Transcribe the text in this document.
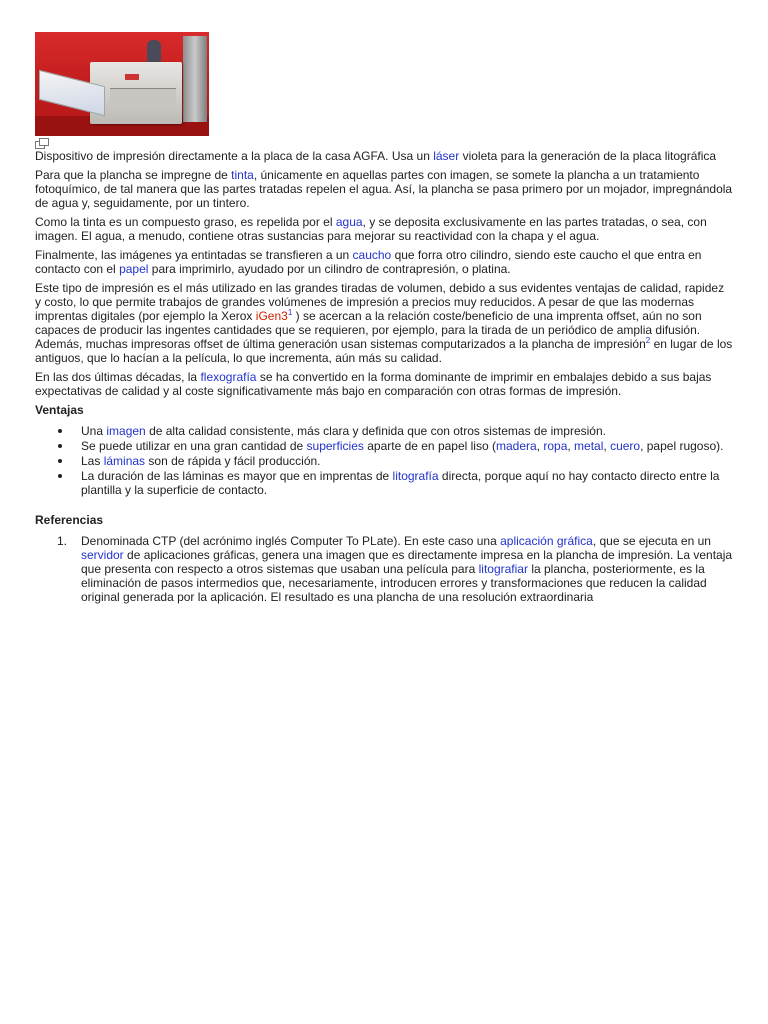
Dispositivo de impresión directamente a la placa de la casa AGFA. Usa un láser violeta para la generación de la placa litográfica

Para que la plancha se impregne de tinta, únicamente en aquellas partes con imagen, se somete la plancha a un tratamiento fotoquímico, de tal manera que las partes tratadas repelen el agua. Así, la plancha se pasa primero por un mojador, impregnándola de agua y, seguidamente, por un tintero.

Como la tinta es un compuesto graso, es repelida por el agua, y se deposita exclusivamente en las partes tratadas, o sea, con imagen. El agua, a menudo, contiene otras sustancias para mejorar su reactividad con la chapa y el agua.

Finalmente, las imágenes ya entintadas se transfieren a un caucho que forra otro cilindro, siendo este caucho el que entra en contacto con el papel para imprimirlo, ayudado por un cilindro de contrapresión, o platina.

Este tipo de impresión es el más utilizado en las grandes tiradas de volumen, debido a sus evidentes ventajas de calidad, rapidez y costo, lo que permite trabajos de grandes volúmenes de impresión a precios muy reducidos. A pesar de que las modernas imprentas digitales (por ejemplo la Xerox $iGen3^1$ ) se acercan a la relación coste/beneficio de una imprenta offset, aún no son capaces de producir las ingentes cantidades que se requieren, por ejemplo, para la tirada de un periódico de amplia difusión. Además, muchas impresoras offset de última generación usan sistemas computarizados a la plancha de impresión$^2$ en lugar de los antiguos, que lo hacían a la película, lo que incrementa, aún más su calidad.

En las dos últimas décadas, la flexografía se ha convertido en la forma dominante de imprimir en embalajes debido a sus bajas expectativas de calidad y al coste significativamente más bajo en comparación con otras formas de impresión.

Ventajas
Una imagen de alta calidad consistente, más clara y definida que con otros sistemas de impresión.
Se puede utilizar en una gran cantidad de superficies aparte de en papel liso (madera, ropa, metal, cuero, papel rugoso).
Las láminas son de rápida y fácil producción.
La duración de las láminas es mayor que en imprentas de litografía directa, porque aquí no hay contacto directo entre la plantilla y la superficie de contacto.
Referencias
1. Denominada CTP (del acrónimo inglés Computer To PLate). En este caso una aplicación gráfica, que se ejecuta en un servidor de aplicaciones gráficas, genera una imagen que es directamente impresa en la plancha de impresión. La ventaja que presenta con respecto a otros sistemas que usaban una película para litografiar la plancha, posteriormente, es la eliminación de pasos intermedios que, necesariamente, introducen errores y transformaciones que reducen la calidad original generada por la aplicación. El resultado es una plancha de una resolución extraordinaria
